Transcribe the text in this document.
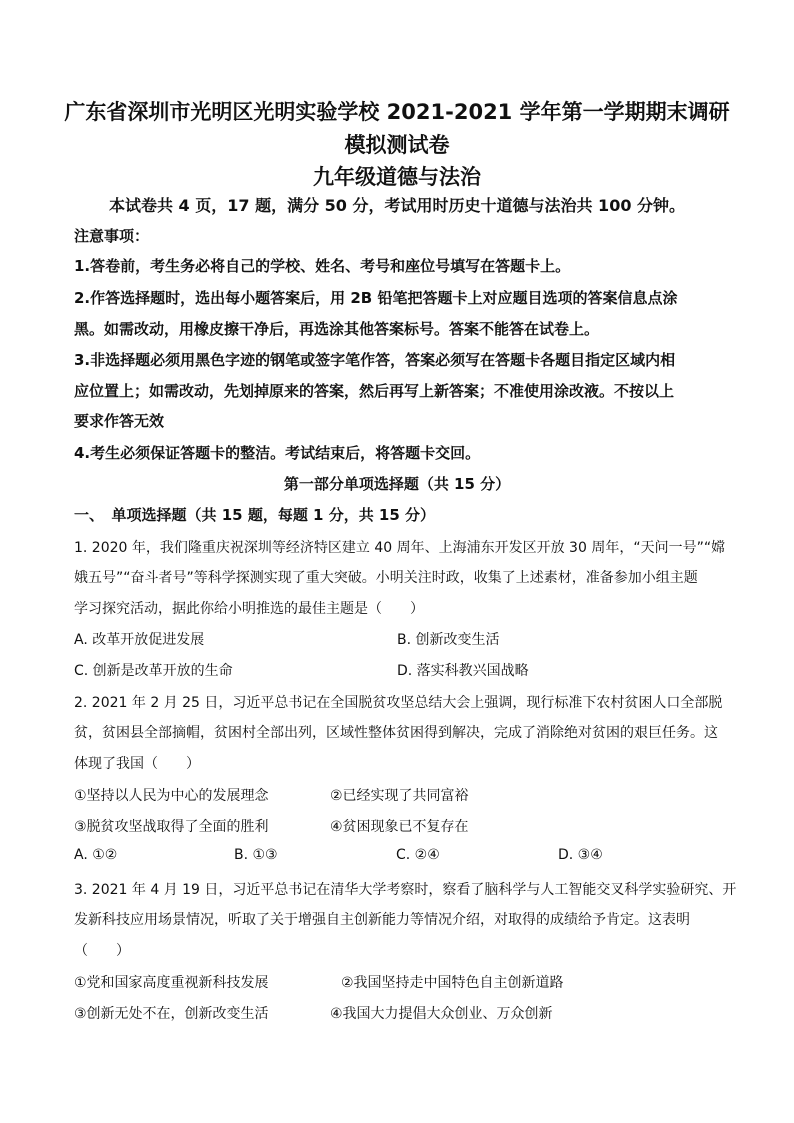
广东省深圳市光明区光明实验学校 2021-2021 学年第一学期期末调研
模拟测试卷
九年级道德与法治
本试卷共 4 页，17 题，满分 50 分，考试用时历史十道德与法治共 100 分钟。
注意事项：
1.答卷前，考生务必将自己的学校、姓名、考号和座位号填写在答题卡上。
2.作答选择题时，选出每小题答案后，用 2B 铅笔把答题卡上对应题目选项的答案信息点涂
黑。如需改动，用橡皮擦干净后，再选涂其他答案标号。答案不能答在试卷上。
3.非选择题必须用黑色字迹的钢笔或签字笔作答，答案必须写在答题卡各题目指定区域内相
应位置上；如需改动，先划掉原来的答案，然后再写上新答案；不准使用涂改液。不按以上
要求作答无效
4.考生必须保证答题卡的整洁。考试结束后，将答题卡交回。
第一部分单项选择题（共 15 分）
一、　单项选择题（共 15 题，每题 1 分，共 15 分）
1. 2020 年，我们隆重庆祝深圳等经济特区建立 40 周年、上海浦东开发区开放 30 周年，“天问一号”“嫦
娥五号”“奋斗者号”等科学探测实现了重大突破。小明关注时政，收集了上述素材，准备参加小组主题
学习探究活动，据此你给小明推选的最佳主题是（　　）
A. 改革开放促进发展	B. 创新改变生活
C. 创新是改革开放的生命	D. 落实科教兴国战略
2. 2021 年 2 月 25 日，习近平总书记在全国脱贫攻坚总结大会上强调，现行标准下农村贫困人口全部脱
贫，贫困县全部摘帽，贫困村全部出列，区域性整体贫困得到解决，完成了消除绝对贫困的艰巨任务。这
体现了我国（　　）
①坚持以人民为中心的发展理念	②已经实现了共同富裕
③脱贫攻坚战取得了全面的胜利	④贫困现象已不复存在
A. ①②	B. ①③	C. ②④	D. ③④
3. 2021 年 4 月 19 日，习近平总书记在清华大学考察时，察看了脑科学与人工智能交叉科学实验研究、开
发新科技应用场景情况，听取了关于增强自主创新能力等情况介绍，对取得的成绩给予肯定。这表明
（　　）
①党和国家高度重视新科技发展	②我国坚持走中国特色自主创新道路
③创新无处不在，创新改变生活	④我国大力提倡大众创业、万众创新
